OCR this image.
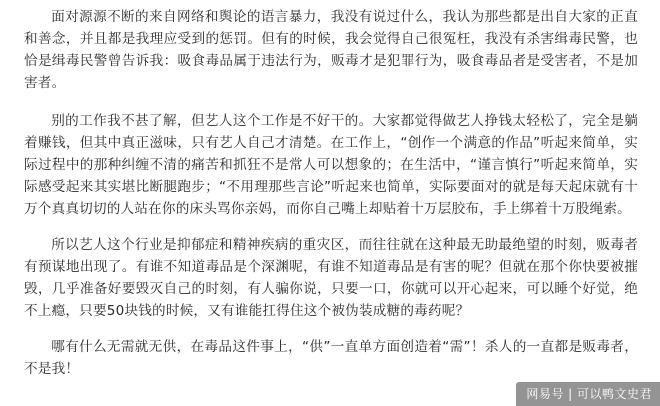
面对源源不断的来自网络和舆论的语言暴力，我没有说过什么，我认为那些都是出自大家的正直和善念，并且都是我理应受到的惩罚。但有的时候，我会觉得自己很冤枉，我没有杀害缉毒民警，也恰是缉毒民警曾告诉我：吸食毒品属于违法行为，贩毒才是犯罪行为，吸食毒品者是受害者，不是加害者。

别的工作我不甚了解，但艺人这个工作是不好干的。大家都觉得做艺人挣钱太轻松了，完全是躺着赚钱，但其中真正滋味，只有艺人自己才清楚。在工作上，“创作一个满意的作品”听起来简单，实际过程中的那种纠缠不清的痛苦和抓狂不是常人可以想象的；在生活中，“谨言慎行”听起来简单，实际感受起来其实堪比断腿跑步；“不用理那些言论”听起来也简单，实际要面对的就是每天起床就有十万个真真切切的人站在你的床头骂你亲妈，而你自己嘴上却贴着十万层胶布，手上绑着十万股绳索。

所以艺人这个行业是抑郁症和精神疾病的重灾区，而往往就在这种最无助最绝望的时刻，贩毒者有预谋地出现了。有谁不知道毒品是个深渊呢，有谁不知道毒品是有害的呢？但就在那个你快要被摧毁，几乎准备好要毁灭自己的时刻，有人骗你说，只要一口，你就可以开心起来，可以睡个好觉，绝不上瘾，只要50块钱的时候，又有谁能扛得住这个被伪装成糖的毒药呢？

哪有什么无需就无供，在毒品这件事上，“供”一直单方面创造着“需”！杀人的一直都是贩毒者，不是我！

网易号 | 可以鸭文史君
